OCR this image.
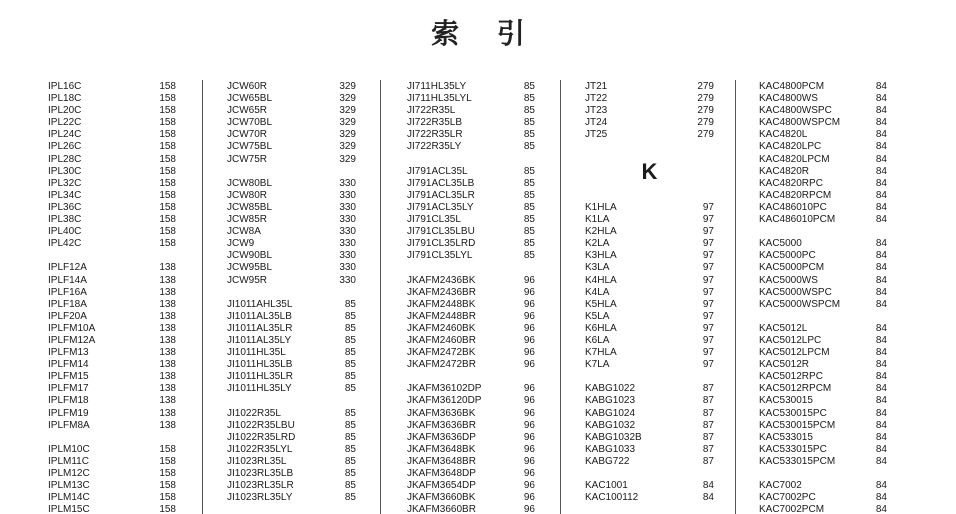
索 引
IPL16C	158
IPL18C	158
IPL20C	158
IPL22C	158
IPL24C	158
IPL26C	158
IPL28C	158
IPL30C	158
IPL32C	158
IPL34C	158
IPL36C	158
IPL38C	158
IPL40C	158
IPL42C	158
IPLF12A	138
IPLF14A	138
IPLF16A	138
IPLF18A	138
IPLF20A	138
IPLFM10A	138
IPLFM12A	138
IPLFM13	138
IPLFM14	138
IPLFM15	138
IPLFM17	138
IPLFM18	138
IPLFM19	138
IPLFM8A	138
IPLM10C	158
IPLM11C	158
IPLM12C	158
IPLM13C	158
IPLM14C	158
IPLM15C	158
JCW60R	329
JCW65BL	329
JCW65R	329
JCW70BL	329
JCW70R	329
JCW75BL	329
JCW75R	329
JCW80BL	330
JCW80R	330
JCW85BL	330
JCW85R	330
JCW8A	330
JCW9	330
JCW90BL	330
JCW95BL	330
JCW95R	330
JI1011AHL35L	85
JI1011AL35LB	85
JI1011AL35LR	85
JI1011AL35LY	85
JI1011HL35L	85
JI1011HL35LB	85
JI1011HL35LR	85
JI1011HL35LY	85
JI1022R35L	85
JI1022R35LBU	85
JI1022R35LRD	85
JI1022R35LYL	85
JI1023RL35L	85
JI1023RL35LB	85
JI1023RL35LR	85
JI1023RL35LY	85
JI711HL35LY	85
JI711HL35LYL	85
JI722R35L	85
JI722R35LB	85
JI722R35LR	85
JI722R35LY	85
JI791ACL35L	85
JI791ACL35LB	85
JI791ACL35LR	85
JI791ACL35LY	85
JI791CL35L	85
JI791CL35LBU	85
JI791CL35LRD	85
JI791CL35LYL	85
JKAFM2436BK	96
JKAFM2436BR	96
JKAFM2448BK	96
JKAFM2448BR	96
JKAFM2460BK	96
JKAFM2460BR	96
JKAFM2472BK	96
JKAFM2472BR	96
JKAFM36102DP	96
JKAFM36120DP	96
JKAFM3636BK	96
JKAFM3636BR	96
JKAFM3636DP	96
JKAFM3648BK	96
JKAFM3648BR	96
JKAFM3648DP	96
JKAFM3654DP	96
JKAFM3660BK	96
JKAFM3660BR	96
JT21	279
JT22	279
JT23	279
JT24	279
JT25	279
K
K1HLA	97
K1LA	97
K2HLA	97
K2LA	97
K3HLA	97
K3LA	97
K4HLA	97
K4LA	97
K5HLA	97
K5LA	97
K6HLA	97
K6LA	97
K7HLA	97
K7LA	97
KABG1022	87
KABG1023	87
KABG1024	87
KABG1032	87
KABG1032B	87
KABG1033	87
KABG722	87
KAC1001	84
KAC100112	84
KAC4800PCM	84
KAC4800WS	84
KAC4800WSPC	84
KAC4800WSPCM	84
KAC4820L	84
KAC4820LPC	84
KAC4820LPCM	84
KAC4820R	84
KAC4820RPC	84
KAC4820RPCM	84
KAC486010PC	84
KAC486010PCM	84
KAC5000	84
KAC5000PC	84
KAC5000PCM	84
KAC5000WS	84
KAC5000WSPC	84
KAC5000WSPCM	84
KAC5012L	84
KAC5012LPC	84
KAC5012LPCM	84
KAC5012R	84
KAC5012RPC	84
KAC5012RPCM	84
KAC530015	84
KAC530015PC	84
KAC530015PCM	84
KAC533015	84
KAC533015PC	84
KAC533015PCM	84
KAC7002	84
KAC7002PC	84
KAC7002PCM	84
